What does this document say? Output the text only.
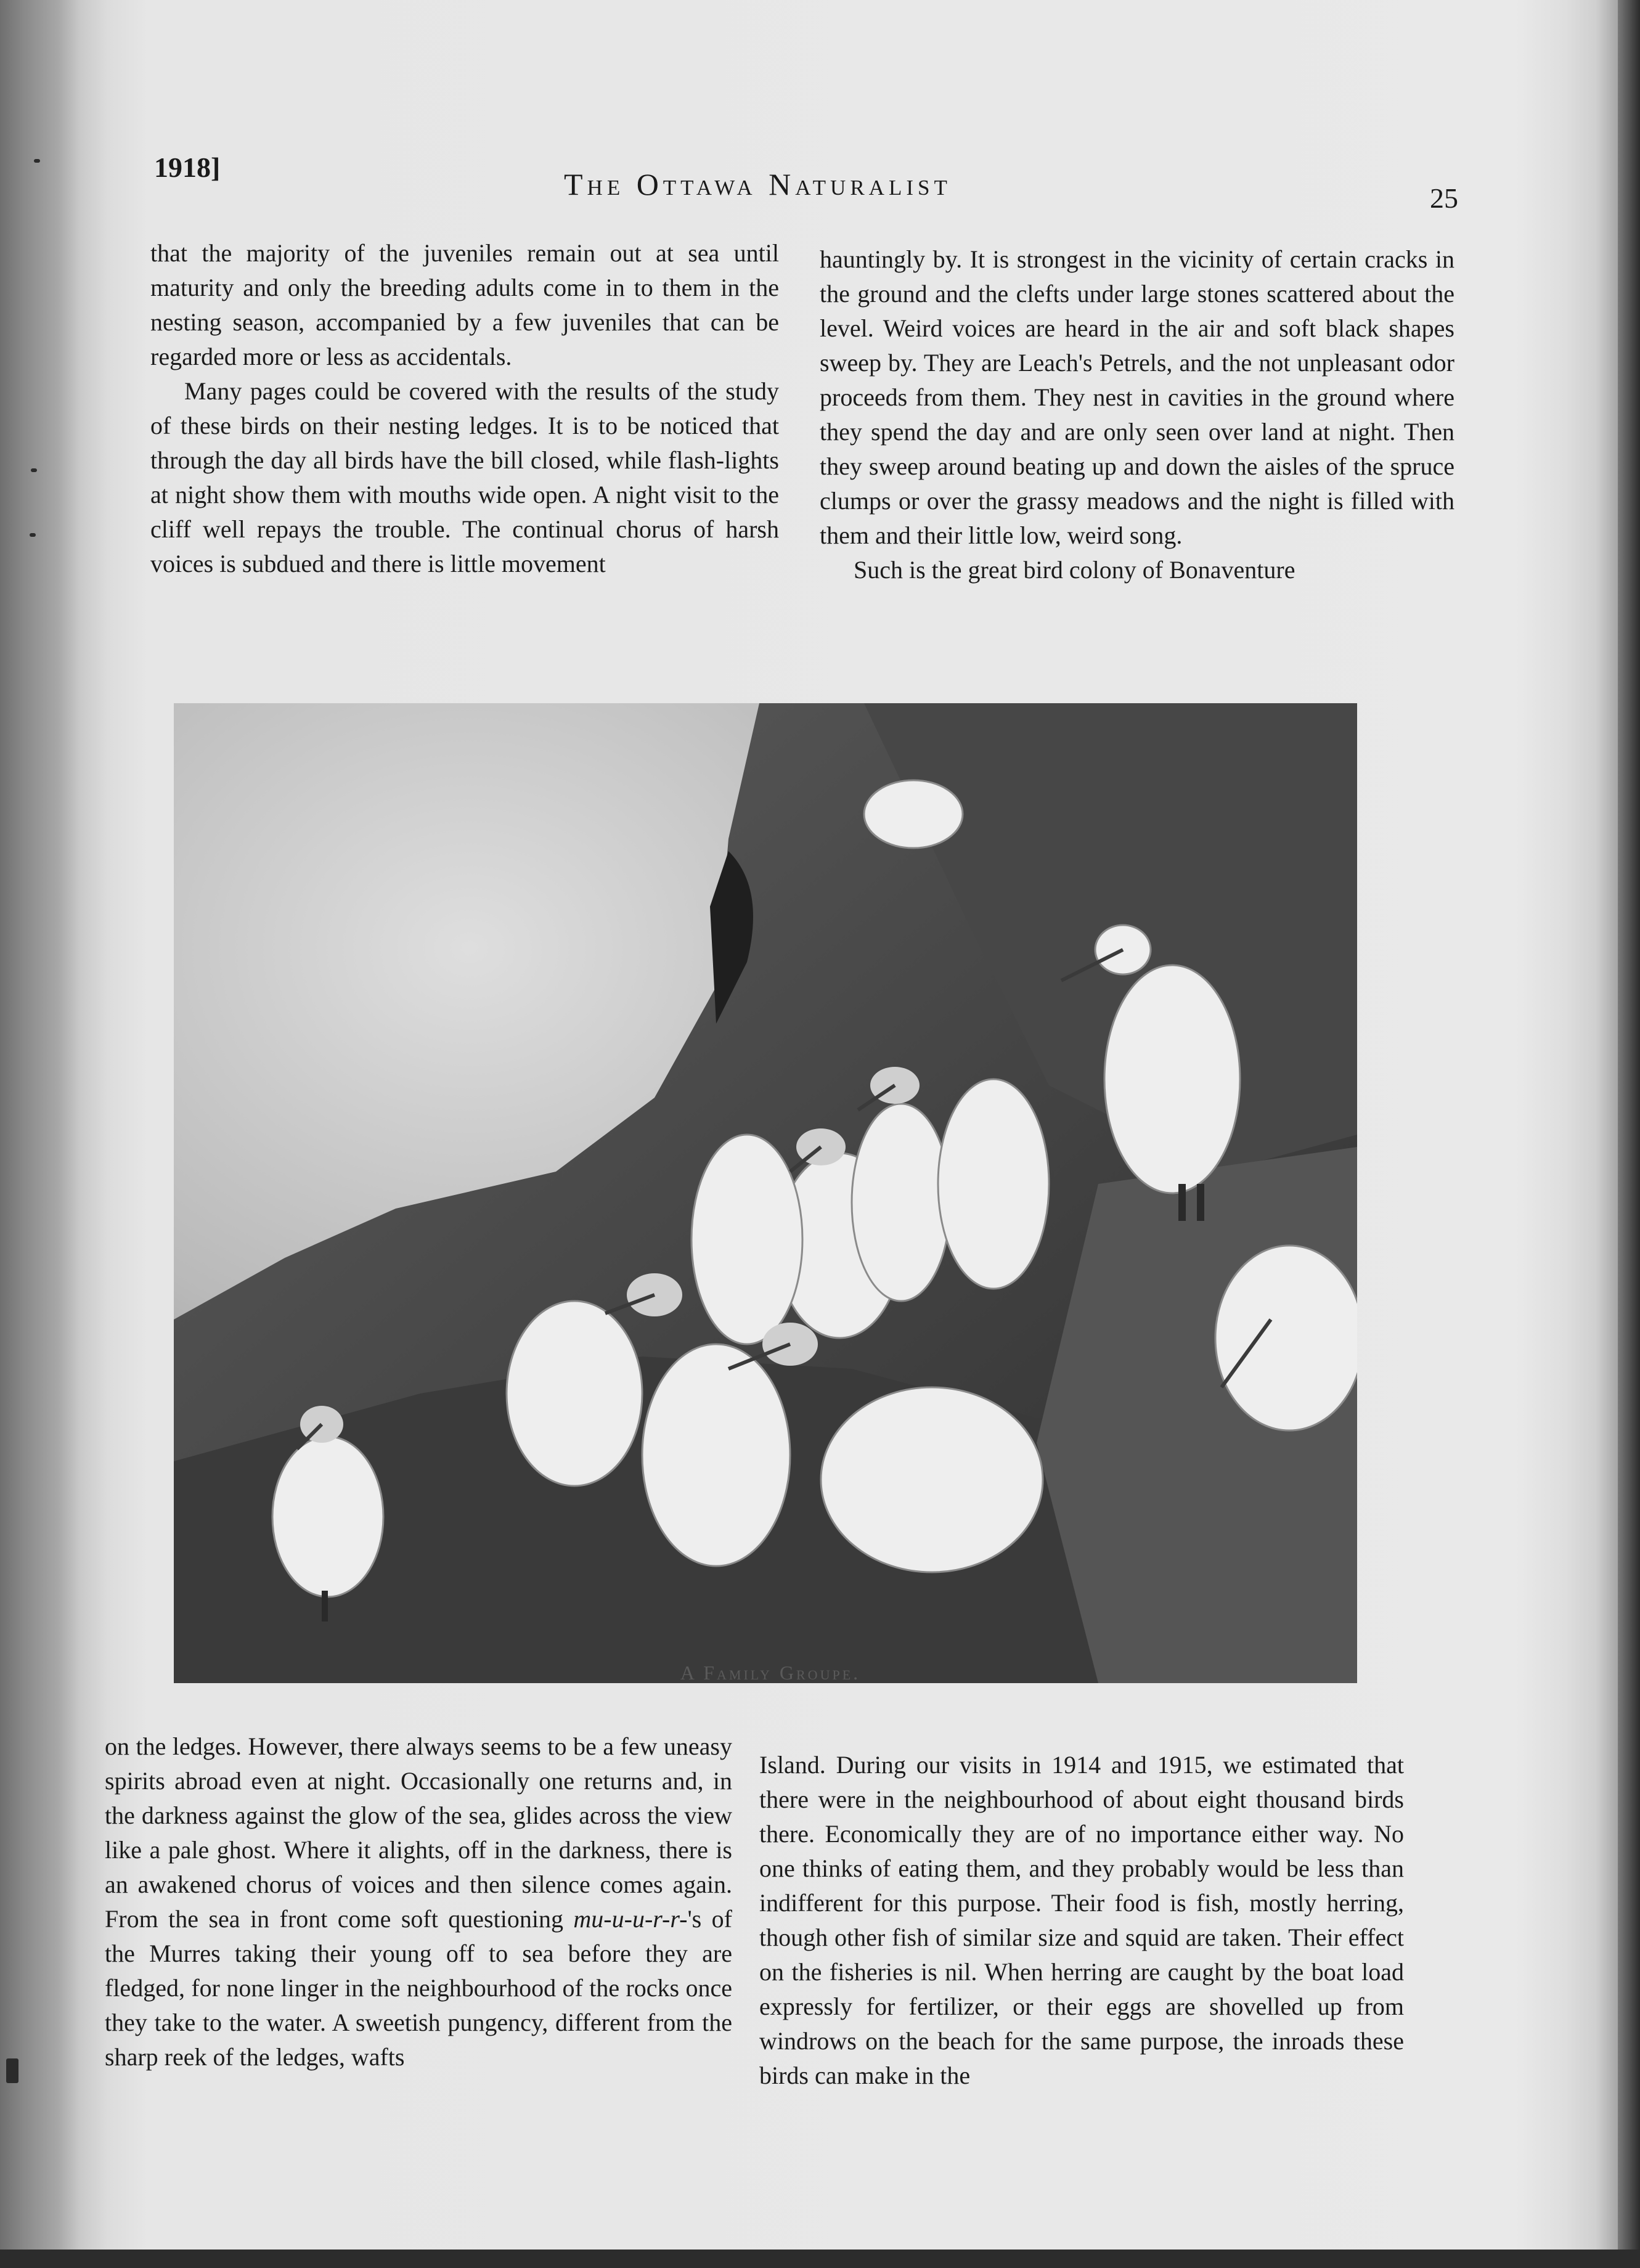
1918]	The Ottawa Naturalist	25

that the majority of the juveniles remain out at sea until maturity and only the breeding adults come in to them in the nesting season, accompanied by a few juveniles that can be regarded more or less as accidentals.

Many pages could be covered with the results of the study of these birds on their nesting ledges. It is to be noticed that through the day all birds have the bill closed, while flash-lights at night show them with mouths wide open. A night visit to the cliff well repays the trouble. The continual chorus of harsh voices is subdued and there is little movement

hauntingly by. It is strongest in the vicinity of certain cracks in the ground and the clefts under large stones scattered about the level. Weird voices are heard in the air and soft black shapes sweep by. They are Leach's Petrels, and the not unpleasant odor proceeds from them. They nest in cavities in the ground where they spend the day and are only seen over land at night. Then they sweep around beating up and down the aisles of the spruce clumps or over the grassy meadows and the night is filled with them and their little low, weird song.

Such is the great bird colony of Bonaventure

A Family Groupe.

on the ledges. However, there always seems to be a few uneasy spirits abroad even at night. Occasionally one returns and, in the darkness against the glow of the sea, glides across the view like a pale ghost. Where it alights, off in the darkness, there is an awakened chorus of voices and then silence comes again. From the sea in front come soft questioning mu-u-u-r-r-'s of the Murres taking their young off to sea before they are fledged, for none linger in the neighbourhood of the rocks once they take to the water. A sweetish pungency, different from the sharp reek of the ledges, wafts

Island. During our visits in 1914 and 1915, we estimated that there were in the neighbourhood of about eight thousand birds there. Economically they are of no importance either way. No one thinks of eating them, and they probably would be less than indifferent for this purpose. Their food is fish, mostly herring, though other fish of similar size and squid are taken. Their effect on the fisheries is nil. When herring are caught by the boat load expressly for fertilizer, or their eggs are shovelled up from windrows on the beach for the same purpose, the inroads these birds can make in the
